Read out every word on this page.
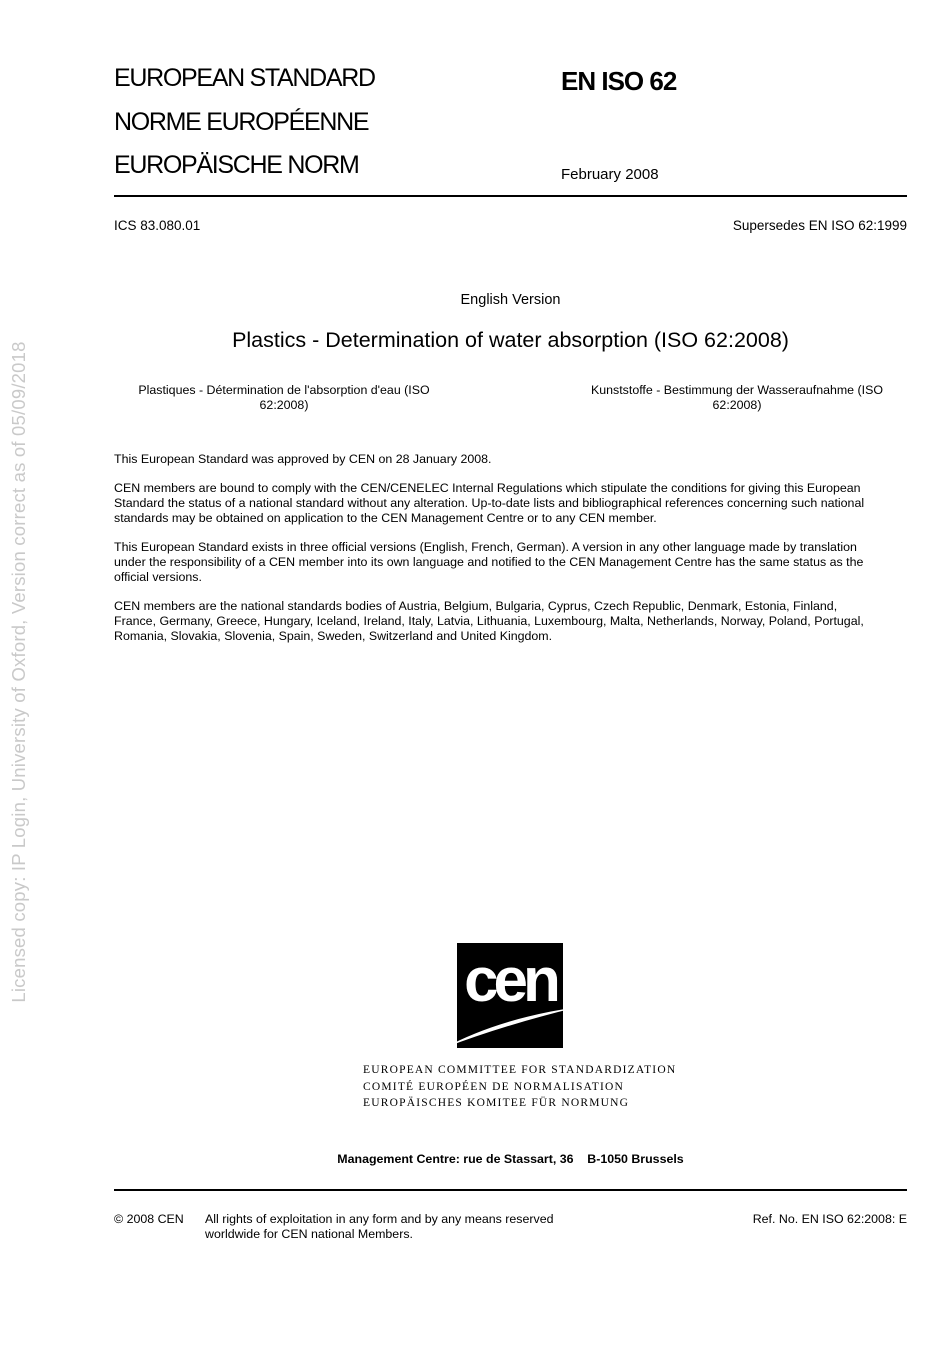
Licensed copy: IP Login, University of Oxford, Version correct as of 05/09/2018
EUROPEAN STANDARD
NORME EUROPÉENNE
EUROPÄISCHE NORM
EN ISO 62
February 2008
ICS 83.080.01	Supersedes EN ISO 62:1999
English Version
Plastics - Determination of water absorption (ISO 62:2008)
Plastiques - Détermination de l'absorption d'eau (ISO
62:2008)
Kunststoffe - Bestimmung der Wasseraufnahme (ISO
62:2008)
This European Standard was approved by CEN on 28 January 2008.
CEN members are bound to comply with the CEN/CENELEC Internal Regulations which stipulate the conditions for giving this European
Standard the status of a national standard without any alteration. Up-to-date lists and bibliographical references concerning such national
standards may be obtained on application to the CEN Management Centre or to any CEN member.
This European Standard exists in three official versions (English, French, German). A version in any other language made by translation
under the responsibility of a CEN member into its own language and notified to the CEN Management Centre has the same status as the
official versions.
CEN members are the national standards bodies of Austria, Belgium, Bulgaria, Cyprus, Czech Republic, Denmark, Estonia, Finland,
France, Germany, Greece, Hungary, Iceland, Ireland, Italy, Latvia, Lithuania, Luxembourg, Malta, Netherlands, Norway, Poland, Portugal,
Romania, Slovakia, Slovenia, Spain, Sweden, Switzerland and United Kingdom.
cen
EUROPEAN COMMITTEE FOR STANDARDIZATION
COMITÉ EUROPÉEN DE NORMALISATION
EUROPÄISCHES KOMITEE FÜR NORMUNG
Management Centre: rue de Stassart, 36    B-1050 Brussels
© 2008 CEN All rights of exploitation in any form and by any means reserved
worldwide for CEN national Members.
Ref. No. EN ISO 62:2008: E
